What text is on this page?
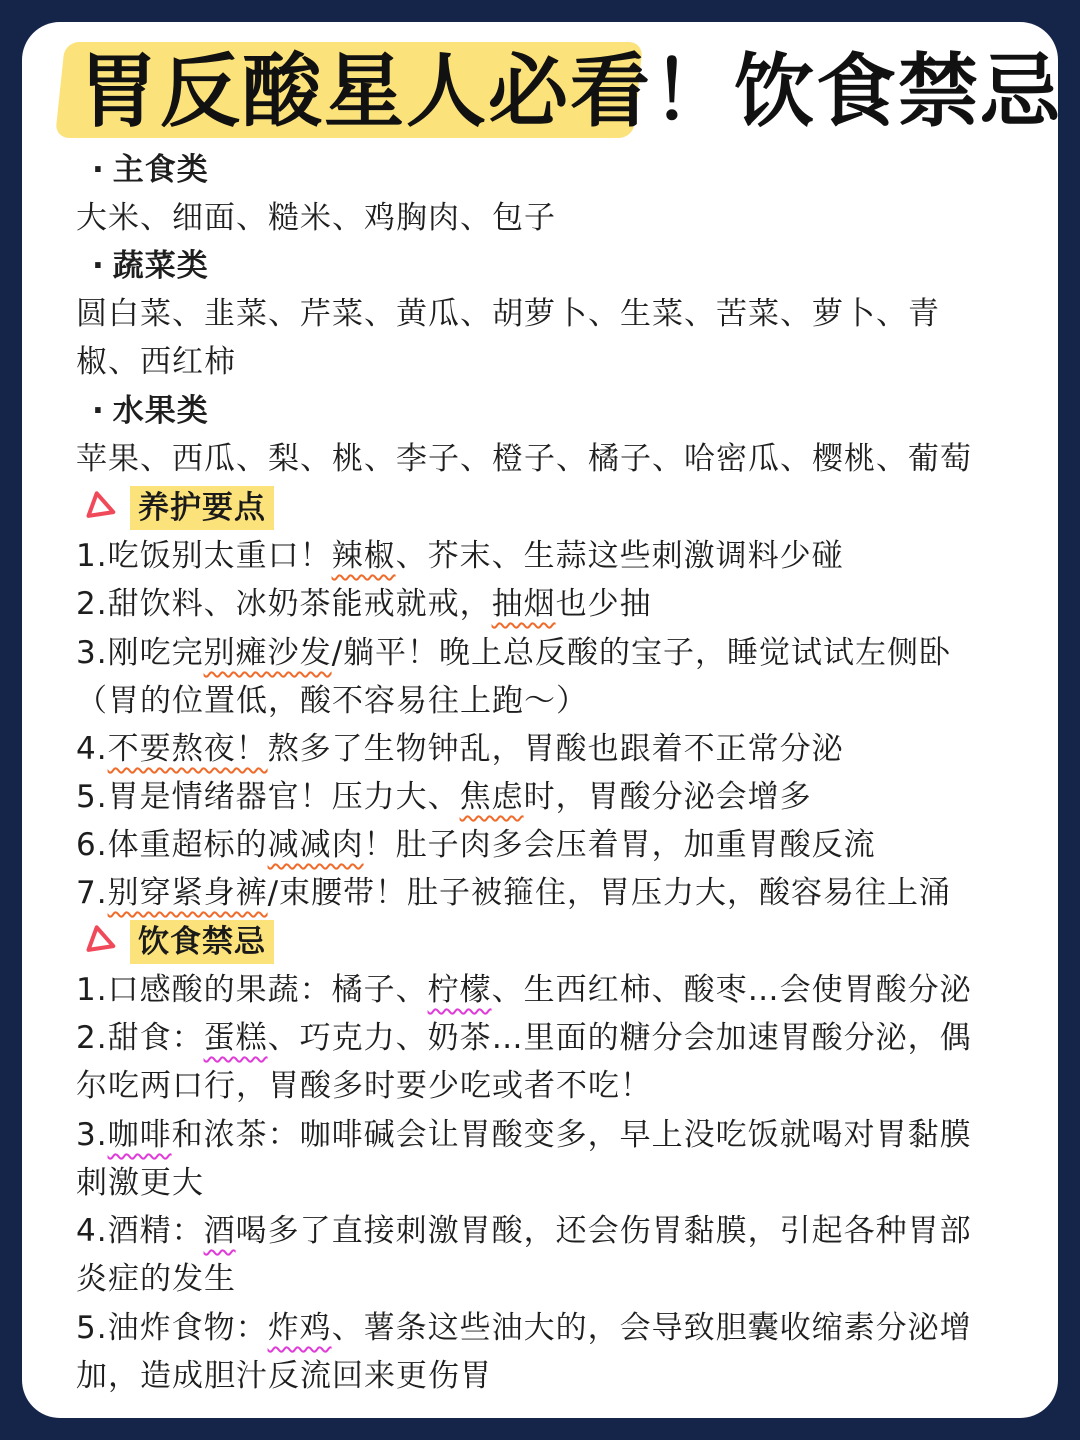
胃反酸星人必看！饮食禁忌
· 主食类
大米、细面、糙米、鸡胸肉、包子
· 蔬菜类
圆白菜、韭菜、芹菜、黄瓜、胡萝卜、生菜、苦菜、萝卜、青
椒、西红柿
· 水果类
苹果、西瓜、梨、桃、李子、橙子、橘子、哈密瓜、樱桃、葡萄
养护要点
1.吃饭别太重口！辣椒、芥末、生蒜这些刺激调料少碰
2.甜饮料、冰奶茶能戒就戒，抽烟也少抽
3.刚吃完别瘫沙发/躺平！晚上总反酸的宝子，睡觉试试左侧卧
（胃的位置低，酸不容易往上跑～）
4.不要熬夜！熬多了生物钟乱，胃酸也跟着不正常分泌
5.胃是情绪器官！压力大、焦虑时，胃酸分泌会增多
6.体重超标的减减肉！肚子肉多会压着胃，加重胃酸反流
7.别穿紧身裤/束腰带！肚子被箍住，胃压力大，酸容易往上涌
饮食禁忌
1.口感酸的果蔬：橘子、柠檬、生西红柿、酸枣…会使胃酸分泌
2.甜食：蛋糕、巧克力、奶茶…里面的糖分会加速胃酸分泌，偶
尔吃两口行，胃酸多时要少吃或者不吃！
3.咖啡和浓茶：咖啡碱会让胃酸变多，早上没吃饭就喝对胃黏膜
刺激更大
4.酒精：酒喝多了直接刺激胃酸，还会伤胃黏膜，引起各种胃部
炎症的发生
5.油炸食物：炸鸡、薯条这些油大的，会导致胆囊收缩素分泌增
加，造成胆汁反流回来更伤胃
